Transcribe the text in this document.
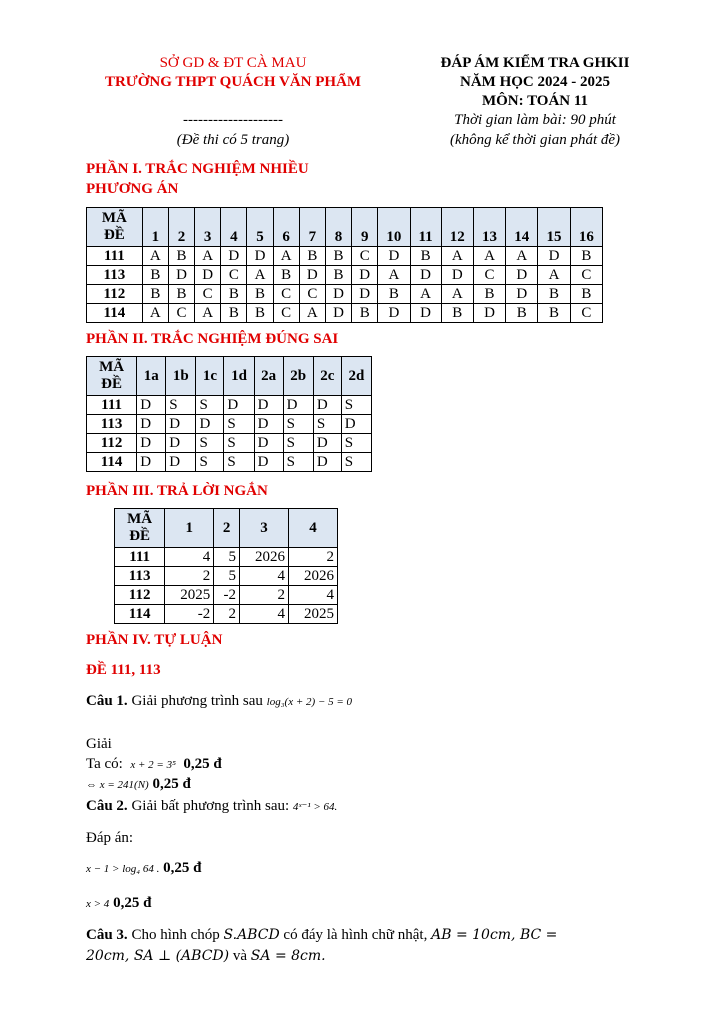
SỞ GD & ĐT CÀ MAU
TRƯỜNG THPT QUÁCH VĂN PHẨM
--------------------
(Đề thi có 5 trang)
ĐÁP ÁM KIỂM TRA GHKII
NĂM HỌC 2024 - 2025
MÔN: TOÁN 11
Thời gian làm bài: 90 phút
(không kể thời gian phát đề)
PHẦN I. TRẮC NGHIỆM NHIỀU
PHƯƠNG ÁN
MÃ
ĐỀ	1	2	3	4	5	6	7	8	9	10	11	12	13	14	15	16
111	A	B	A	D	D	A	B	B	C	D	B	A	A	A	D	B
113	B	D	D	C	A	B	D	B	D	A	D	D	C	D	A	C
112	B	B	C	B	B	C	C	D	D	B	A	A	B	D	B	B
114	A	C	A	B	B	C	A	D	B	D	D	B	D	B	B	C
PHẦN II. TRẮC NGHIỆM ĐÚNG SAI
MÃ
ĐỀ	1a	1b	1c	1d	2a	2b	2c	2d
111	D	S	S	D	D	D	D	S
113	D	D	D	S	D	S	S	D
112	D	D	S	S	D	S	D	S
114	D	D	S	S	D	S	D	S
PHẦN III. TRẢ LỜI NGẮN
MÃ
ĐỀ	1	2	3	4
111	4	5	2026	2
113	2	5	4	2026
112	2025	-2	2	4
114	-2	2	4	2025
PHẦN IV. TỰ LUẬN
ĐỀ 111, 113
Câu 1. Giải phương trình sau log₃(x + 2) − 5 = 0
Giải
Ta có: x + 2 = 3⁵ 0,25 đ
⇔ x = 241(N) 0,25 đ
Câu 2. Giải bất phương trình sau: 4ˣ⁻¹ > 64.
Đáp án:
x − 1 > log₄ 64 . 0,25 đ
x > 4 0,25 đ
Câu 3. Cho hình chóp S.ABCD có đáy là hình chữ nhật, AB = 10cm, BC =
20cm, SA ⊥ (ABCD) và SA = 8cm.
